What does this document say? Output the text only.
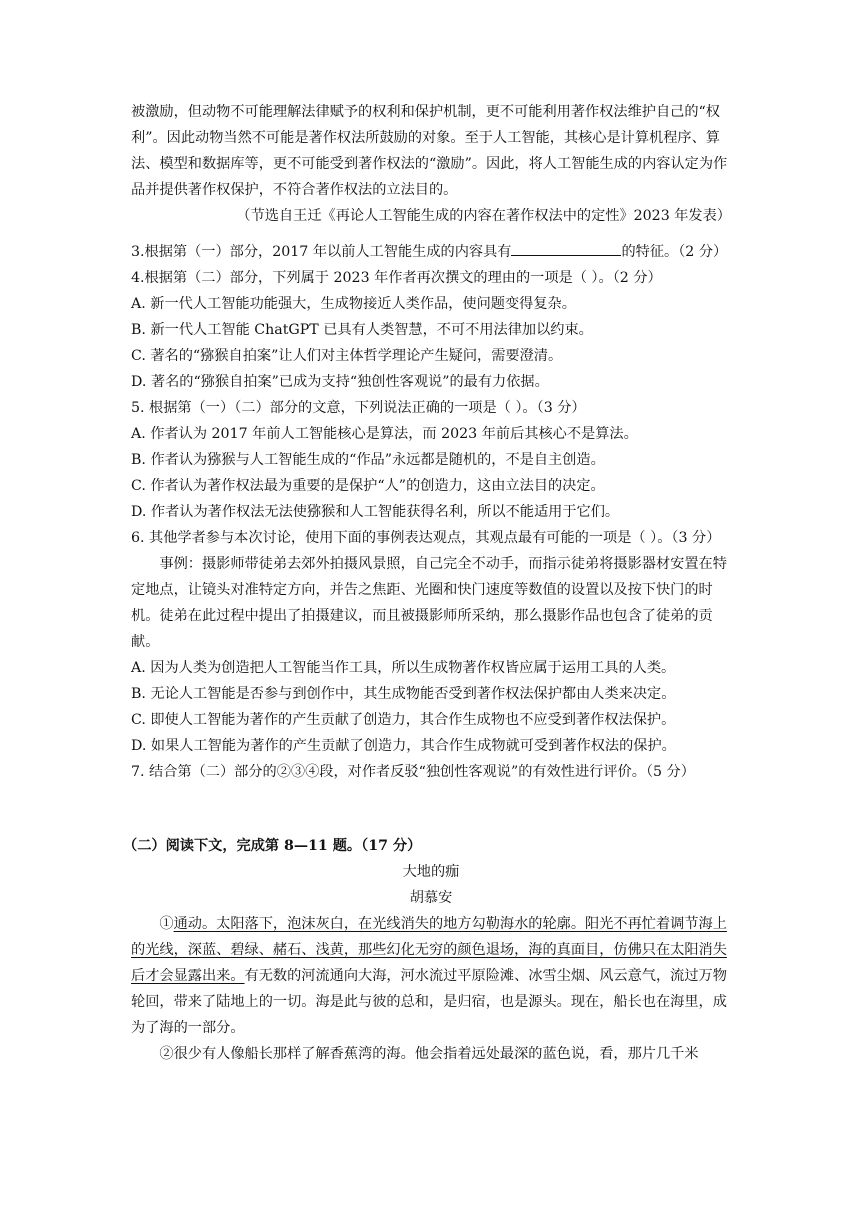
被激励，但动物不可能理解法律赋予的权利和保护机制，更不可能利用著作权法维护自己的“权利”。因此动物当然不可能是著作权法所鼓励的对象。至于人工智能，其核心是计算机程序、算法、模型和数据库等，更不可能受到著作权法的“激励”。因此，将人工智能生成的内容认定为作品并提供著作权保护，不符合著作权法的立法目的。
（节选自王迁《再论人工智能生成的内容在著作权法中的定性》2023 年发表）
3.根据第（一）部分，2017 年以前人工智能生成的内容具有	的特征。（2 分）
4.根据第（二）部分，下列属于 2023 年作者再次撰文的理由的一项是（ ）。（2 分）
A. 新一代人工智能功能强大，生成物接近人类作品，使问题变得复杂。
B. 新一代人工智能 ChatGPT 已具有人类智慧，不可不用法律加以约束。
C. 著名的“猕猴自拍案”让人们对主体哲学理论产生疑问，需要澄清。
D. 著名的“猕猴自拍案”已成为支持“独创性客观说”的最有力依据。
5. 根据第（一）（二）部分的文意，下列说法正确的一项是（ ）。（3 分）
A. 作者认为 2017 年前人工智能核心是算法，而 2023 年前后其核心不是算法。
B. 作者认为猕猴与人工智能生成的“作品”永远都是随机的，不是自主创造。
C. 作者认为著作权法最为重要的是保护“人”的创造力，这由立法目的决定。
D. 作者认为著作权法无法使猕猴和人工智能获得名利，所以不能适用于它们。
6. 其他学者参与本次讨论，使用下面的事例表达观点，其观点最有可能的一项是（ ）。（3 分）
事例：摄影师带徒弟去郊外拍摄风景照，自己完全不动手，而指示徒弟将摄影器材安置在特定地点，让镜头对准特定方向，并告之焦距、光圈和快门速度等数值的设置以及按下快门的时机。徒弟在此过程中提出了拍摄建议，而且被摄影师所采纳，那么摄影作品也包含了徒弟的贡献。
A. 因为人类为创造把人工智能当作工具，所以生成物著作权皆应属于运用工具的人类。
B. 无论人工智能是否参与到创作中，其生成物能否受到著作权法保护都由人类来决定。
C. 即使人工智能为著作的产生贡献了创造力，其合作生成物也不应受到著作权法保护。
D. 如果人工智能为著作的产生贡献了创造力，其合作生成物就可受到著作权法的保护。
7. 结合第（二）部分的②③④段，对作者反驳“独创性客观说”的有效性进行评价。（5 分）
（二）阅读下文，完成第 8—11 题。（17 分）
大地的痂
胡慕安
①通动。太阳落下，泡沫灰白，在光线消失的地方勾勒海水的轮廓。阳光不再忙着调节海上的光线，深蓝、碧绿、赭石、浅黄，那些幻化无穷的颜色退场，海的真面目，仿佛只在太阳消失后才会显露出来。有无数的河流通向大海，河水流过平原险滩、冰雪尘烟、风云意气，流过万物轮回，带来了陆地上的一切。海是此与彼的总和，是归宿，也是源头。现在，船长也在海里，成为了海的一部分。
②很少有人像船长那样了解香蕉湾的海。他会指着远处最深的蓝色说，看，那片几千米
